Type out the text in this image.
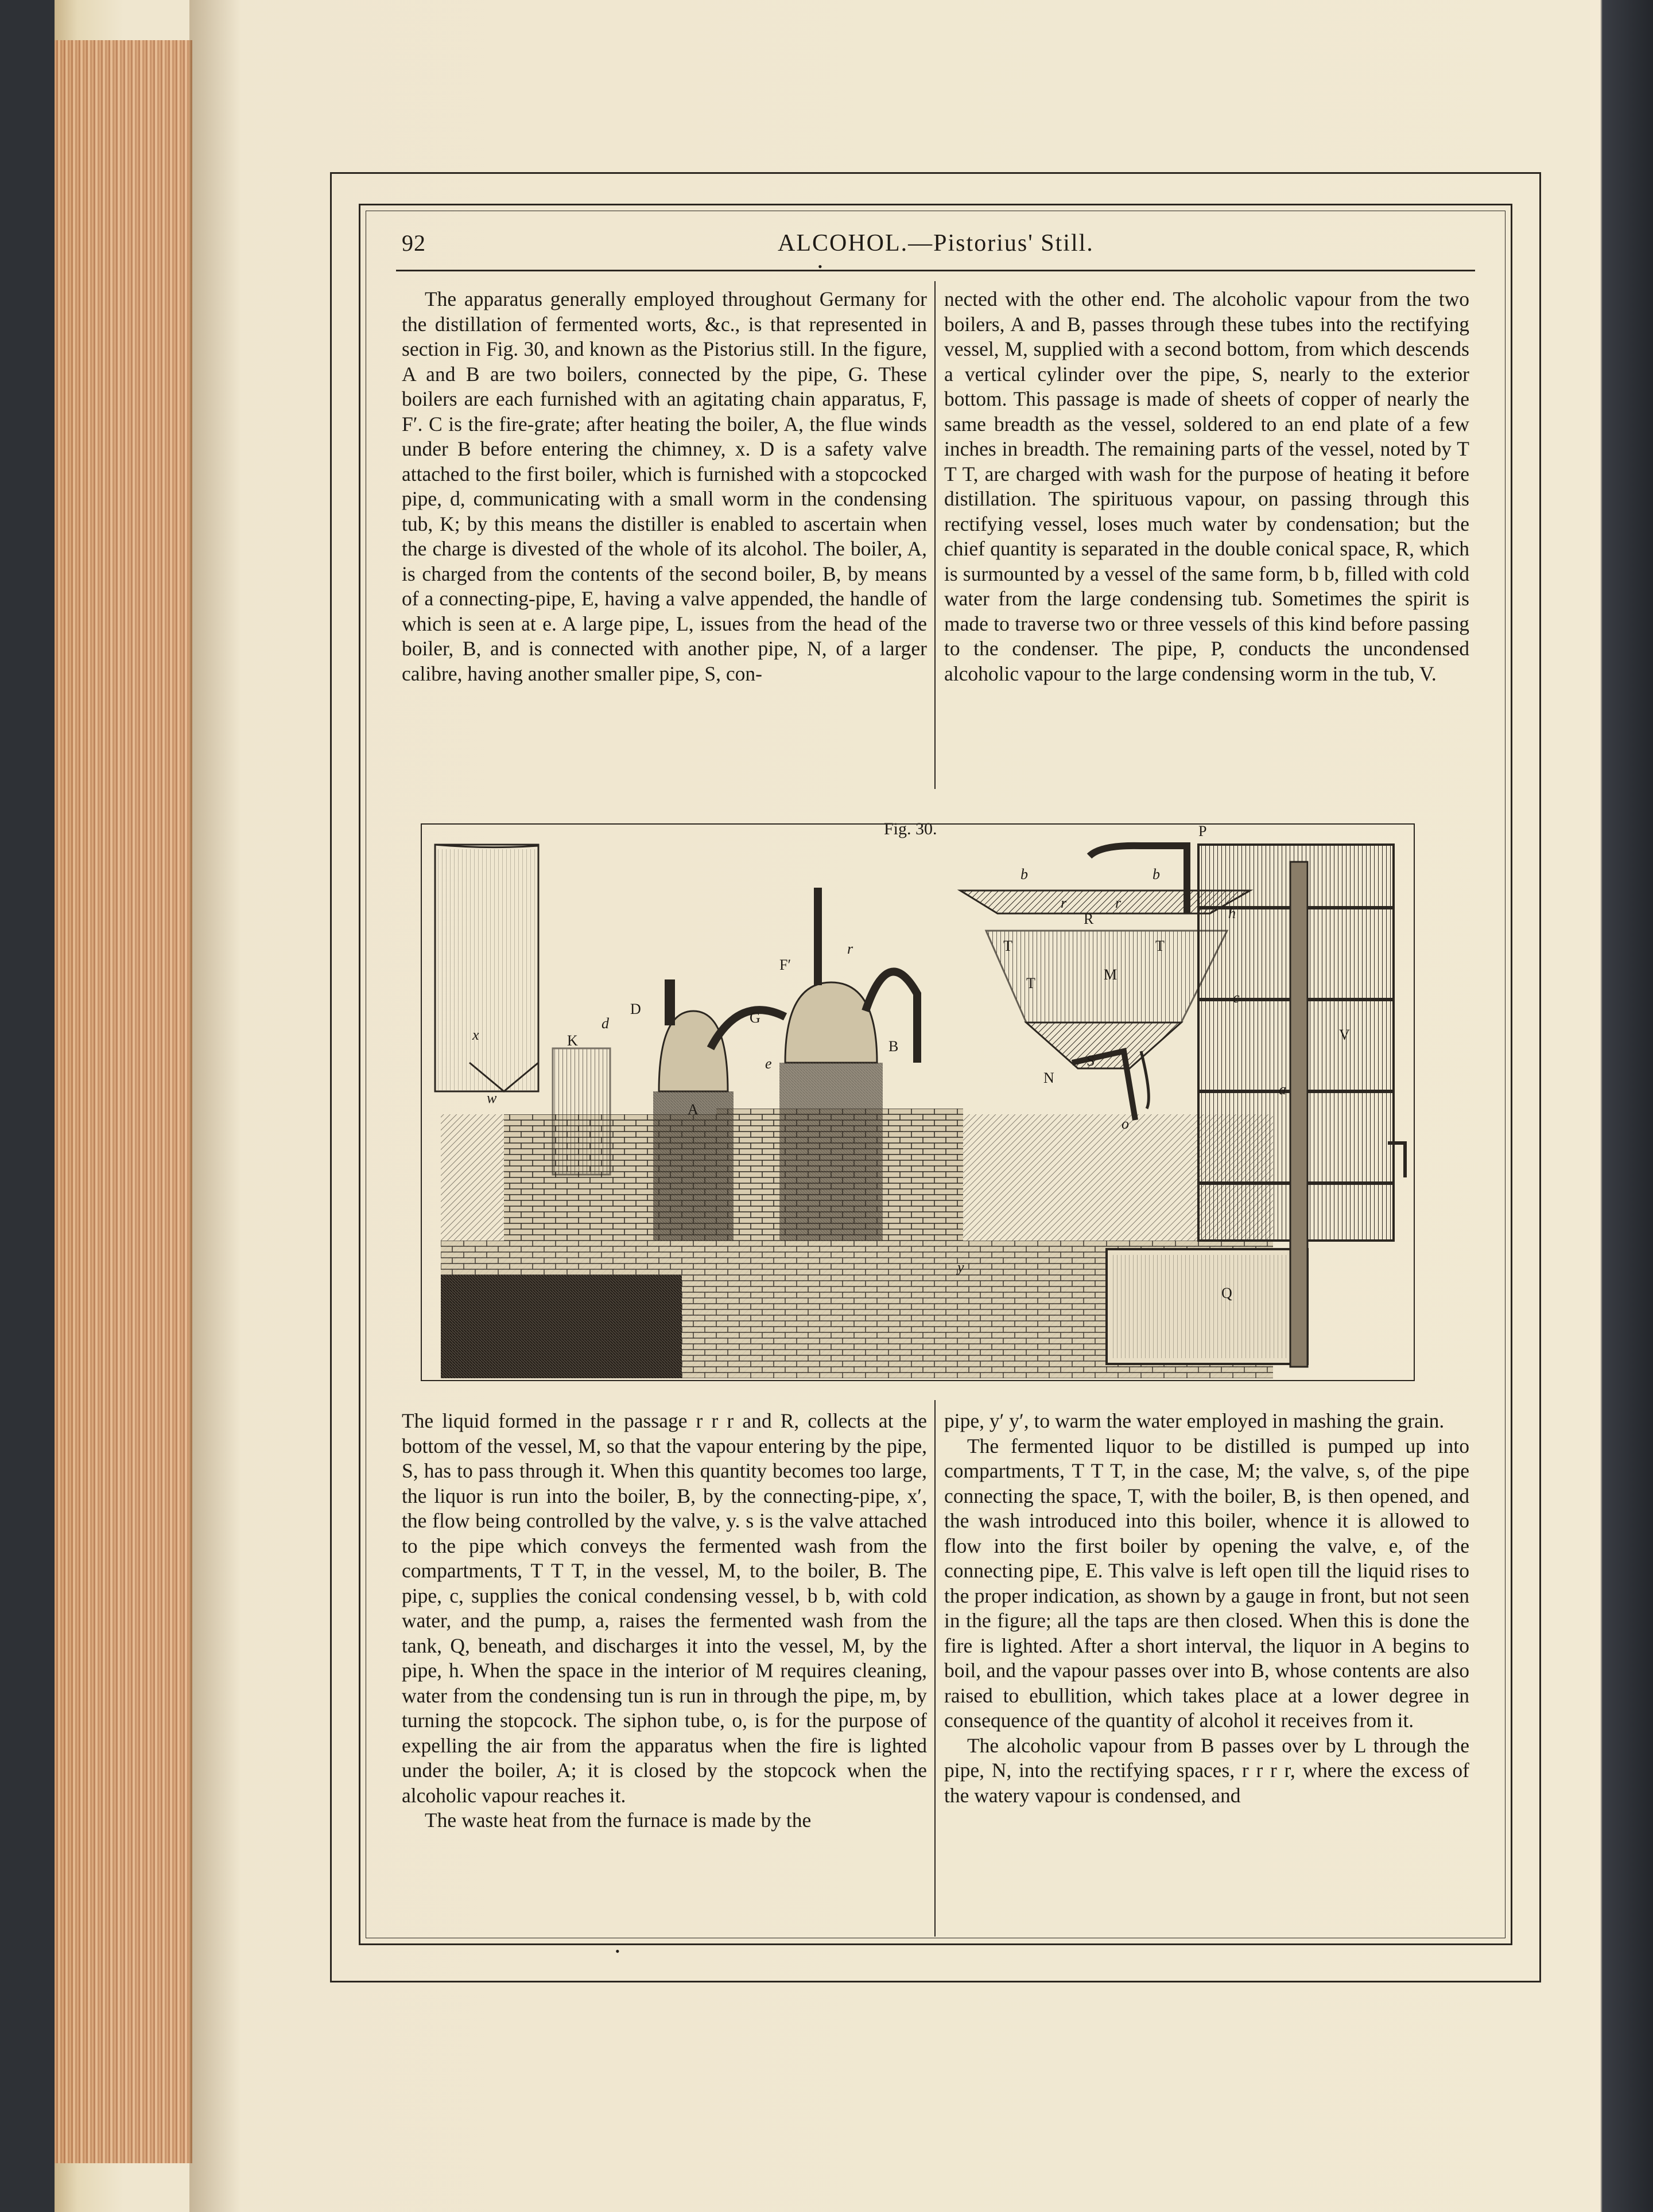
92	ALCOHOL.—Pistorius' Still.
•

The apparatus generally employed throughout Germany for the distillation of fermented worts, &c., is that represented in section in Fig. 30, and known as the Pistorius still. In the figure, A and B are two boilers, connected by the pipe, G. These boilers are each furnished with an agitating chain apparatus, F, F′. C is the fire-grate; after heating the boiler, A, the flue winds under B before entering the chimney, x. D is a safety valve attached to the first boiler, which is furnished with a stopcocked pipe, d, communicating with a small worm in the condensing tub, K; by this means the distiller is enabled to ascertain when the charge is divested of the whole of its alcohol. The boiler, A, is charged from the contents of the second boiler, B, by means of a connecting-pipe, E, having a valve appended, the handle of which is seen at e. A large pipe, L, issues from the head of the boiler, B, and is connected with another pipe, N, of a larger calibre, having another smaller pipe, S, con-

nected with the other end. The alcoholic vapour from the two boilers, A and B, passes through these tubes into the rectifying vessel, M, supplied with a second bottom, from which descends a vertical cylinder over the pipe, S, nearly to the exterior bottom. This passage is made of sheets of copper of nearly the same breadth as the vessel, soldered to an end plate of a few inches in breadth. The remaining parts of the vessel, noted by T T T, are charged with wash for the purpose of heating it before distillation. The spirituous vapour, on passing through this rectifying vessel, loses much water by condensation; but the chief quantity is separated in the double conical space, R, which is surmounted by a vessel of the same form, b b, filled with cold water from the large condensing tub. Sometimes the spirit is made to traverse two or three vessels of this kind before passing to the condenser. The pipe, P, conducts the uncondensed alcoholic vapour to the large condensing worm in the tub, V.

Fig. 30.	P
b	b
r
R
r
T	T
M
T
h
F′
r
G
D
d
K
x
w
A
B
e
N
S
o
c
V
a
Q
y

The liquid formed in the passage r r r and R, collects at the bottom of the vessel, M, so that the vapour entering by the pipe, S, has to pass through it. When this quantity becomes too large, the liquor is run into the boiler, B, by the connecting-pipe, x′, the flow being controlled by the valve, y. s is the valve attached to the pipe which conveys the fermented wash from the compartments, T T T, in the vessel, M, to the boiler, B. The pipe, c, supplies the conical condensing vessel, b b, with cold water, and the pump, a, raises the fermented wash from the tank, Q, beneath, and discharges it into the vessel, M, by the pipe, h. When the space in the interior of M requires cleaning, water from the condensing tun is run in through the pipe, m, by turning the stopcock. The siphon tube, o, is for the purpose of expelling the air from the apparatus when the fire is lighted under the boiler, A; it is closed by the stopcock when the alcoholic vapour reaches it.

The waste heat from the furnace is made by the

pipe, y′ y′, to warm the water employed in mashing the grain.

The fermented liquor to be distilled is pumped up into compartments, T T T, in the case, M; the valve, s, of the pipe connecting the space, T, with the boiler, B, is then opened, and the wash introduced into this boiler, whence it is allowed to flow into the first boiler by opening the valve, e, of the connecting pipe, E. This valve is left open till the liquid rises to the proper indication, as shown by a gauge in front, but not seen in the figure; all the taps are then closed. When this is done the fire is lighted. After a short interval, the liquor in A begins to boil, and the vapour passes over into B, whose contents are also raised to ebullition, which takes place at a lower degree in consequence of the quantity of alcohol it receives from it.

The alcoholic vapour from B passes over by L through the pipe, N, into the rectifying spaces, r r r r, where the excess of the watery vapour is condensed, and

•
